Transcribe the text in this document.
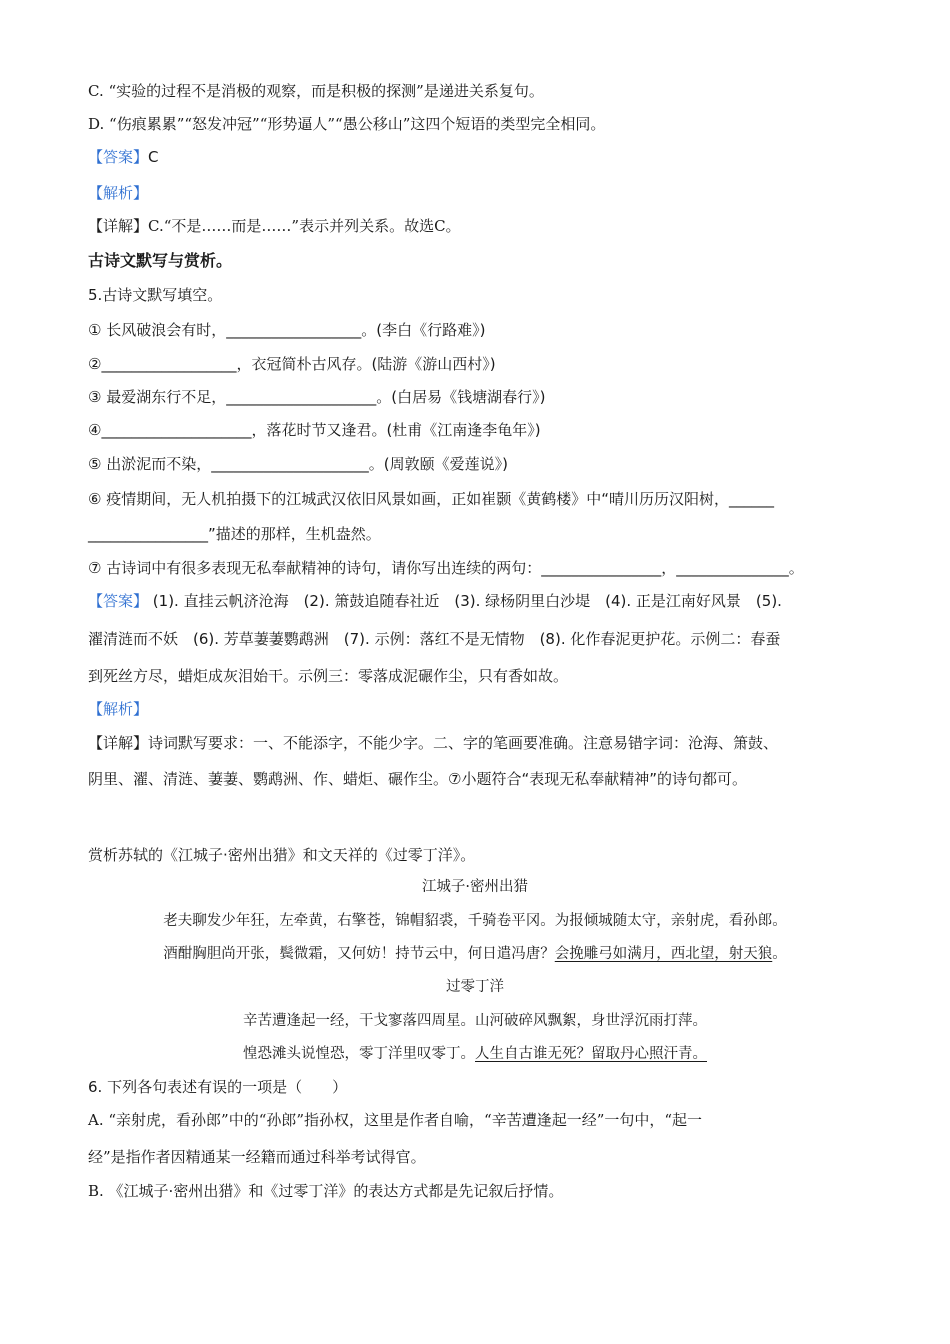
C. “实验的过程不是消极的观察，而是积极的探测”是递进关系复句。
D. “伤痕累累”“怒发冲冠”“形势逼人”“愚公移山”这四个短语的类型完全相同。
【答案】C
【解析】
【详解】C.“不是……而是……”表示并列关系。故选C。
古诗文默写与赏析。
5.古诗文默写填空。
① 长风破浪会有时，__________________。(李白《行路难》)
②__________________，衣冠简朴古风存。(陆游《游山西村》)
③ 最爱湖东行不足，____________________。(白居易《钱塘湖春行》)
④____________________，落花时节又逢君。(杜甫《江南逢李龟年》)
⑤ 出淤泥而不染，_____________________。(周敦颐《爱莲说》)
⑥ 疫情期间，无人机拍摄下的江城武汉依旧风景如画，正如崔颢《黄鹤楼》中“晴川历历汉阳树，______
________________”描述的那样，生机盎然。
⑦ 古诗词中有很多表现无私奉献精神的诗句，请你写出连续的两句：________________，_______________。
【答案】 (1). 直挂云帆济沧海　(2). 箫鼓追随春社近　(3). 绿杨阴里白沙堤　(4). 正是江南好风景　(5).
濯清涟而不妖　(6). 芳草萋萋鹦鹉洲　(7). 示例：落红不是无情物　(8). 化作春泥更护花。示例二：春蚕
到死丝方尽，蜡炬成灰泪始干。示例三：零落成泥碾作尘，只有香如故。
【解析】
【详解】诗词默写要求：一、不能添字，不能少字。二、字的笔画要准确。注意易错字词：沧海、箫鼓、
阴里、濯、清涟、萋萋、鹦鹉洲、作、蜡炬、碾作尘。⑦小题符合“表现无私奉献精神”的诗句都可。
赏析苏轼的《江城子·密州出猎》和文天祥的《过零丁洋》。
江城子·密州出猎
老夫聊发少年狂，左牵黄，右擎苍，锦帽貂裘，千骑卷平冈。为报倾城随太守，亲射虎，看孙郎。
酒酣胸胆尚开张，鬓微霜，又何妨！持节云中，何日遣冯唐？会挽雕弓如满月，西北望，射天狼。
过零丁洋
辛苦遭逢起一经，干戈寥落四周星。山河破碎风飘絮，身世浮沉雨打萍。
惶恐滩头说惶恐，零丁洋里叹零丁。人生自古谁无死？留取丹心照汗青。
6. 下列各句表述有误的一项是（　　）
A. “亲射虎，看孙郎”中的“孙郎”指孙权，这里是作者自喻，“辛苦遭逢起一经”一句中，“起一
经”是指作者因精通某一经籍而通过科举考试得官。
B. 《江城子·密州出猎》和《过零丁洋》的表达方式都是先记叙后抒情。
